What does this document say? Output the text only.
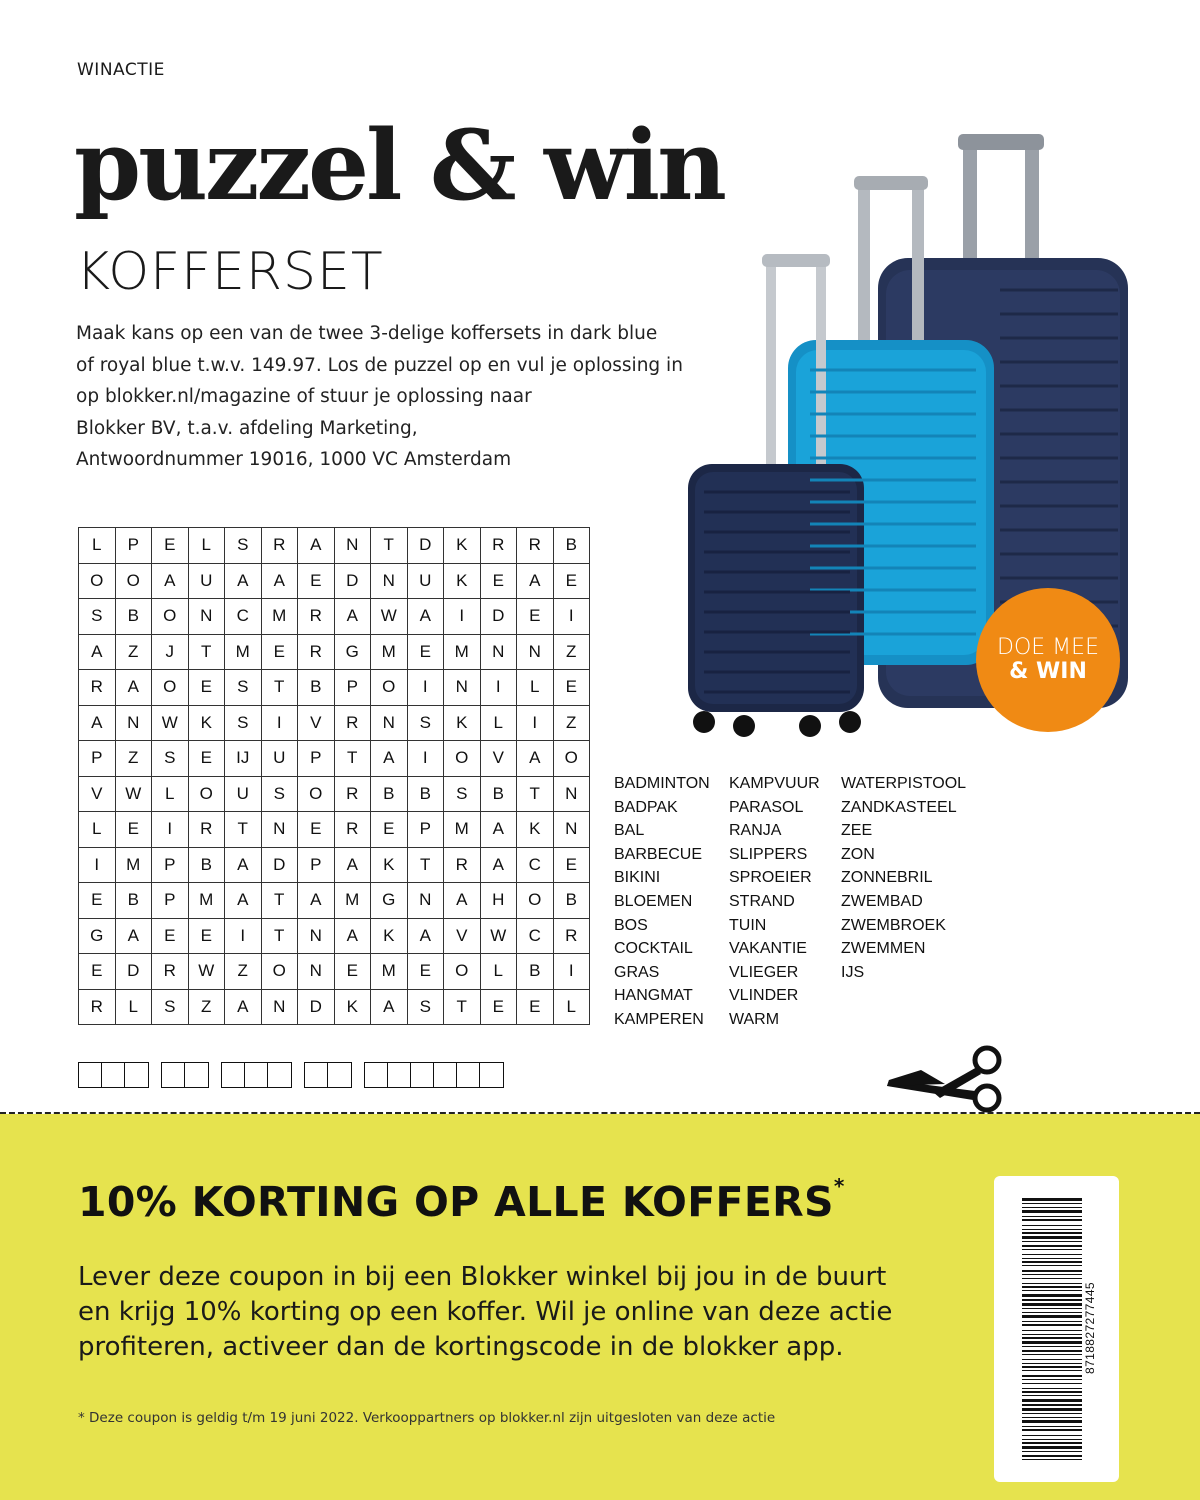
WINACTIE
puzzel & win
KOFFERSET
Maak kans op een van de twee 3-delige koffersets in dark blue
of royal blue t.w.v. 149.97. Los de puzzel op en vul je oplossing in
op blokker.nl/magazine of stuur je oplossing naar
Blokker BV, t.a.v. afdeling Marketing,
Antwoordnummer 19016, 1000 VC Amsterdam
DOE MEE
& WIN
L	P	E	L	S	R	A	N	T	D	K	R	R	B
O	O	A	U	A	A	E	D	N	U	K	E	A	E
S	B	O	N	C	M	R	A	W	A	I	D	E	I
A	Z	J	T	M	E	R	G	M	E	M	N	N	Z
R	A	O	E	S	T	B	P	O	I	N	I	L	E
A	N	W	K	S	I	V	R	N	S	K	L	I	Z
P	Z	S	E	IJ	U	P	T	A	I	O	V	A	O
V	W	L	O	U	S	O	R	B	B	S	B	T	N
L	E	I	R	T	N	E	R	E	P	M	A	K	N
I	M	P	B	A	D	P	A	K	T	R	A	C	E
E	B	P	M	A	T	A	M	G	N	A	H	O	B
G	A	E	E	I	T	N	A	K	A	V	W	C	R
E	D	R	W	Z	O	N	E	M	E	O	L	B	I
R	L	S	Z	A	N	D	K	A	S	T	E	E	L
BADMINTON
BADPAK
BAL
BARBECUE
BIKINI
BLOEMEN
BOS
COCKTAIL
GRAS
HANGMAT
KAMPEREN
KAMPVUUR
PARASOL
RANJA
SLIPPERS
SPROEIER
STRAND
TUIN
VAKANTIE
VLIEGER
VLINDER
WARM
WATERPISTOOL
ZANDKASTEEL
ZEE
ZON
ZONNEBRIL
ZWEMBAD
ZWEMBROEK
ZWEMMEN
IJS
10% KORTING OP ALLE KOFFERS*
Lever deze coupon in bij een Blokker winkel bij jou in de buurt
en krijg 10% korting op een koffer. Wil je online van deze actie
profiteren, activeer dan de kortingscode in de blokker app.
* Deze coupon is geldig t/m 19 juni 2022. Verkooppartners op blokker.nl zijn uitgesloten van deze actie
8718827277445
